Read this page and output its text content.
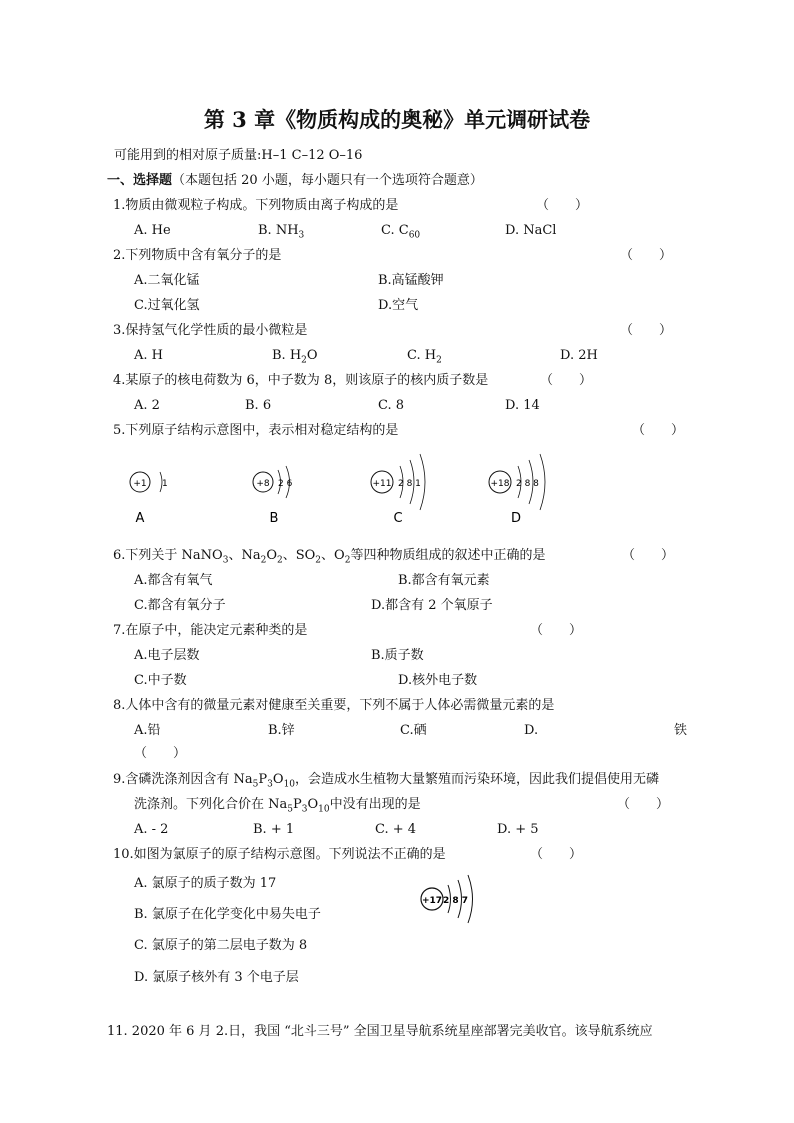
第 3 章《物质构成的奥秘》单元调研试卷
可能用到的相对原子质量:H–1 C–12 O–16
一、选择题（本题包括 20 小题，每小题只有一个选项符合题意）
1.物质由微观粒子构成。下列物质由离子构成的是	（　　）
A. He	B. $NH_3$	C. $C_{60}$	D. NaCl
2.下列物质中含有氧分子的是	（　　）
A.二氧化锰	B.高锰酸钾
C.过氧化氢	D.空气
3.保持氢气化学性质的最小微粒是	（　　）
A. H	B. $H_2O$	C. $H_2$	D. 2H
4.某原子的核电荷数为 6，中子数为 8，则该原子的核内质子数是	（　　）
A. 2	B. 6	C. 8	D. 14
5.下列原子结构示意图中，表示相对稳定结构的是	（　　）
+1 1
A
+8 2 6
B
+11 2 8 1
C
+18 2 8 8
D
6.下列关于 NaNO$_3$、$Na_2O_2$、$SO_2$、$O_2$等四种物质组成的叙述中正确的是	（　　）
A.都含有氧气	B.都含有氧元素
C.都含有氧分子	D.都含有 2 个氧原子
7.在原子中，能决定元素种类的是	（　　）
A.电子层数	B.质子数
C.中子数	D.核外电子数
8.人体中含有的微量元素对健康至关重要，下列不属于人体必需微量元素的是
A.铅	B.锌	C.硒	D.	铁
（　　）
9.含磷洗涤剂因含有 $Na_5P_3O_{10}$，会造成水生植物大量繁殖而污染环境，因此我们提倡使用无磷
洗涤剂。下列化合价在 $Na_5P_3O_{10}$中没有出现的是	（　　）
A. - 2	B. + 1	C. + 4	D. + 5
10.如图为氯原子的原子结构示意图。下列说法不正确的是	（　　）
A. 氯原子的质子数为 17
B. 氯原子在化学变化中易失电子
C. 氯原子的第二层电子数为 8
D. 氯原子核外有 3 个电子层
+17 2 8 7
11. 2020 年 6 月 2.日，我国 “北斗三号” 全国卫星导航系统星座部署完美收官。该导航系统应
